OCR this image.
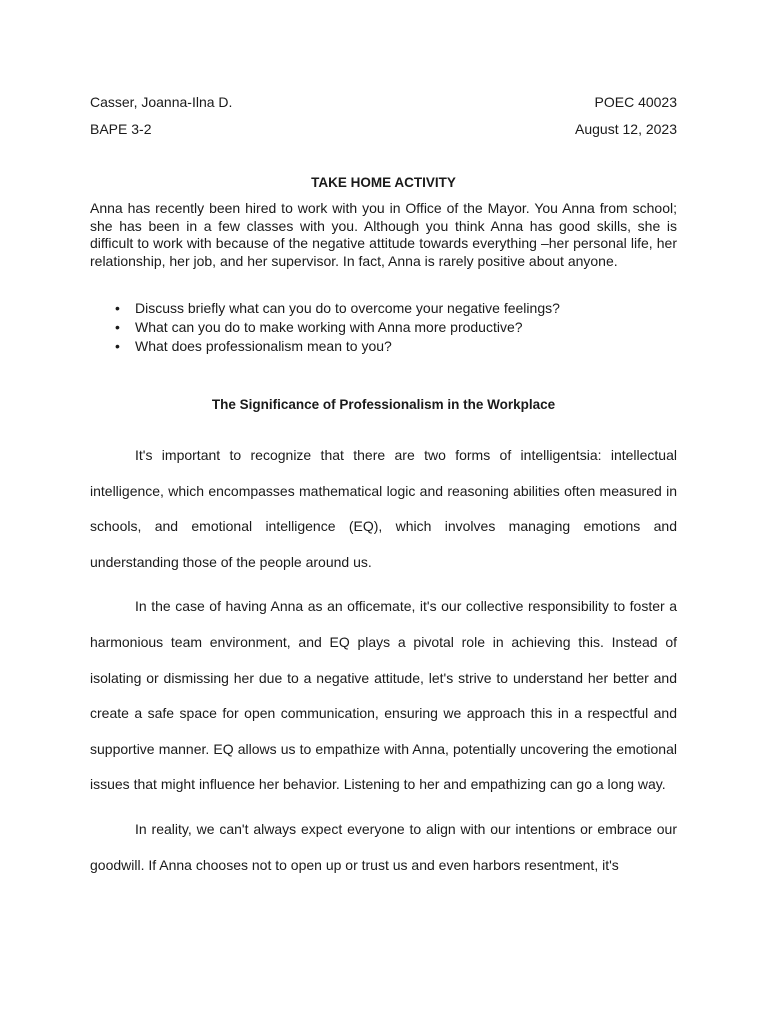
Casser, Joanna-Ilna D.	POEC 40023
BAPE 3-2	August 12, 2023
TAKE HOME ACTIVITY

Anna has recently been hired to work with you in Office of the Mayor. You Anna from school; she has been in a few classes with you. Although you think Anna has good skills, she is difficult to work with because of the negative attitude towards everything –her personal life, her relationship, her job, and her supervisor. In fact, Anna is rarely positive about anyone.

• Discuss briefly what can you do to overcome your negative feelings?
• What can you do to make working with Anna more productive?
• What does professionalism mean to you?
The Significance of Professionalism in the Workplace

It's important to recognize that there are two forms of intelligentsia: intellectual intelligence, which encompasses mathematical logic and reasoning abilities often measured in schools, and emotional intelligence (EQ), which involves managing emotions and understanding those of the people around us.

In the case of having Anna as an officemate, it's our collective responsibility to foster a harmonious team environment, and EQ plays a pivotal role in achieving this. Instead of isolating or dismissing her due to a negative attitude, let's strive to understand her better and create a safe space for open communication, ensuring we approach this in a respectful and supportive manner. EQ allows us to empathize with Anna, potentially uncovering the emotional issues that might influence her behavior. Listening to her and empathizing can go a long way.

In reality, we can't always expect everyone to align with our intentions or embrace our goodwill. If Anna chooses not to open up or trust us and even harbors resentment, it's
